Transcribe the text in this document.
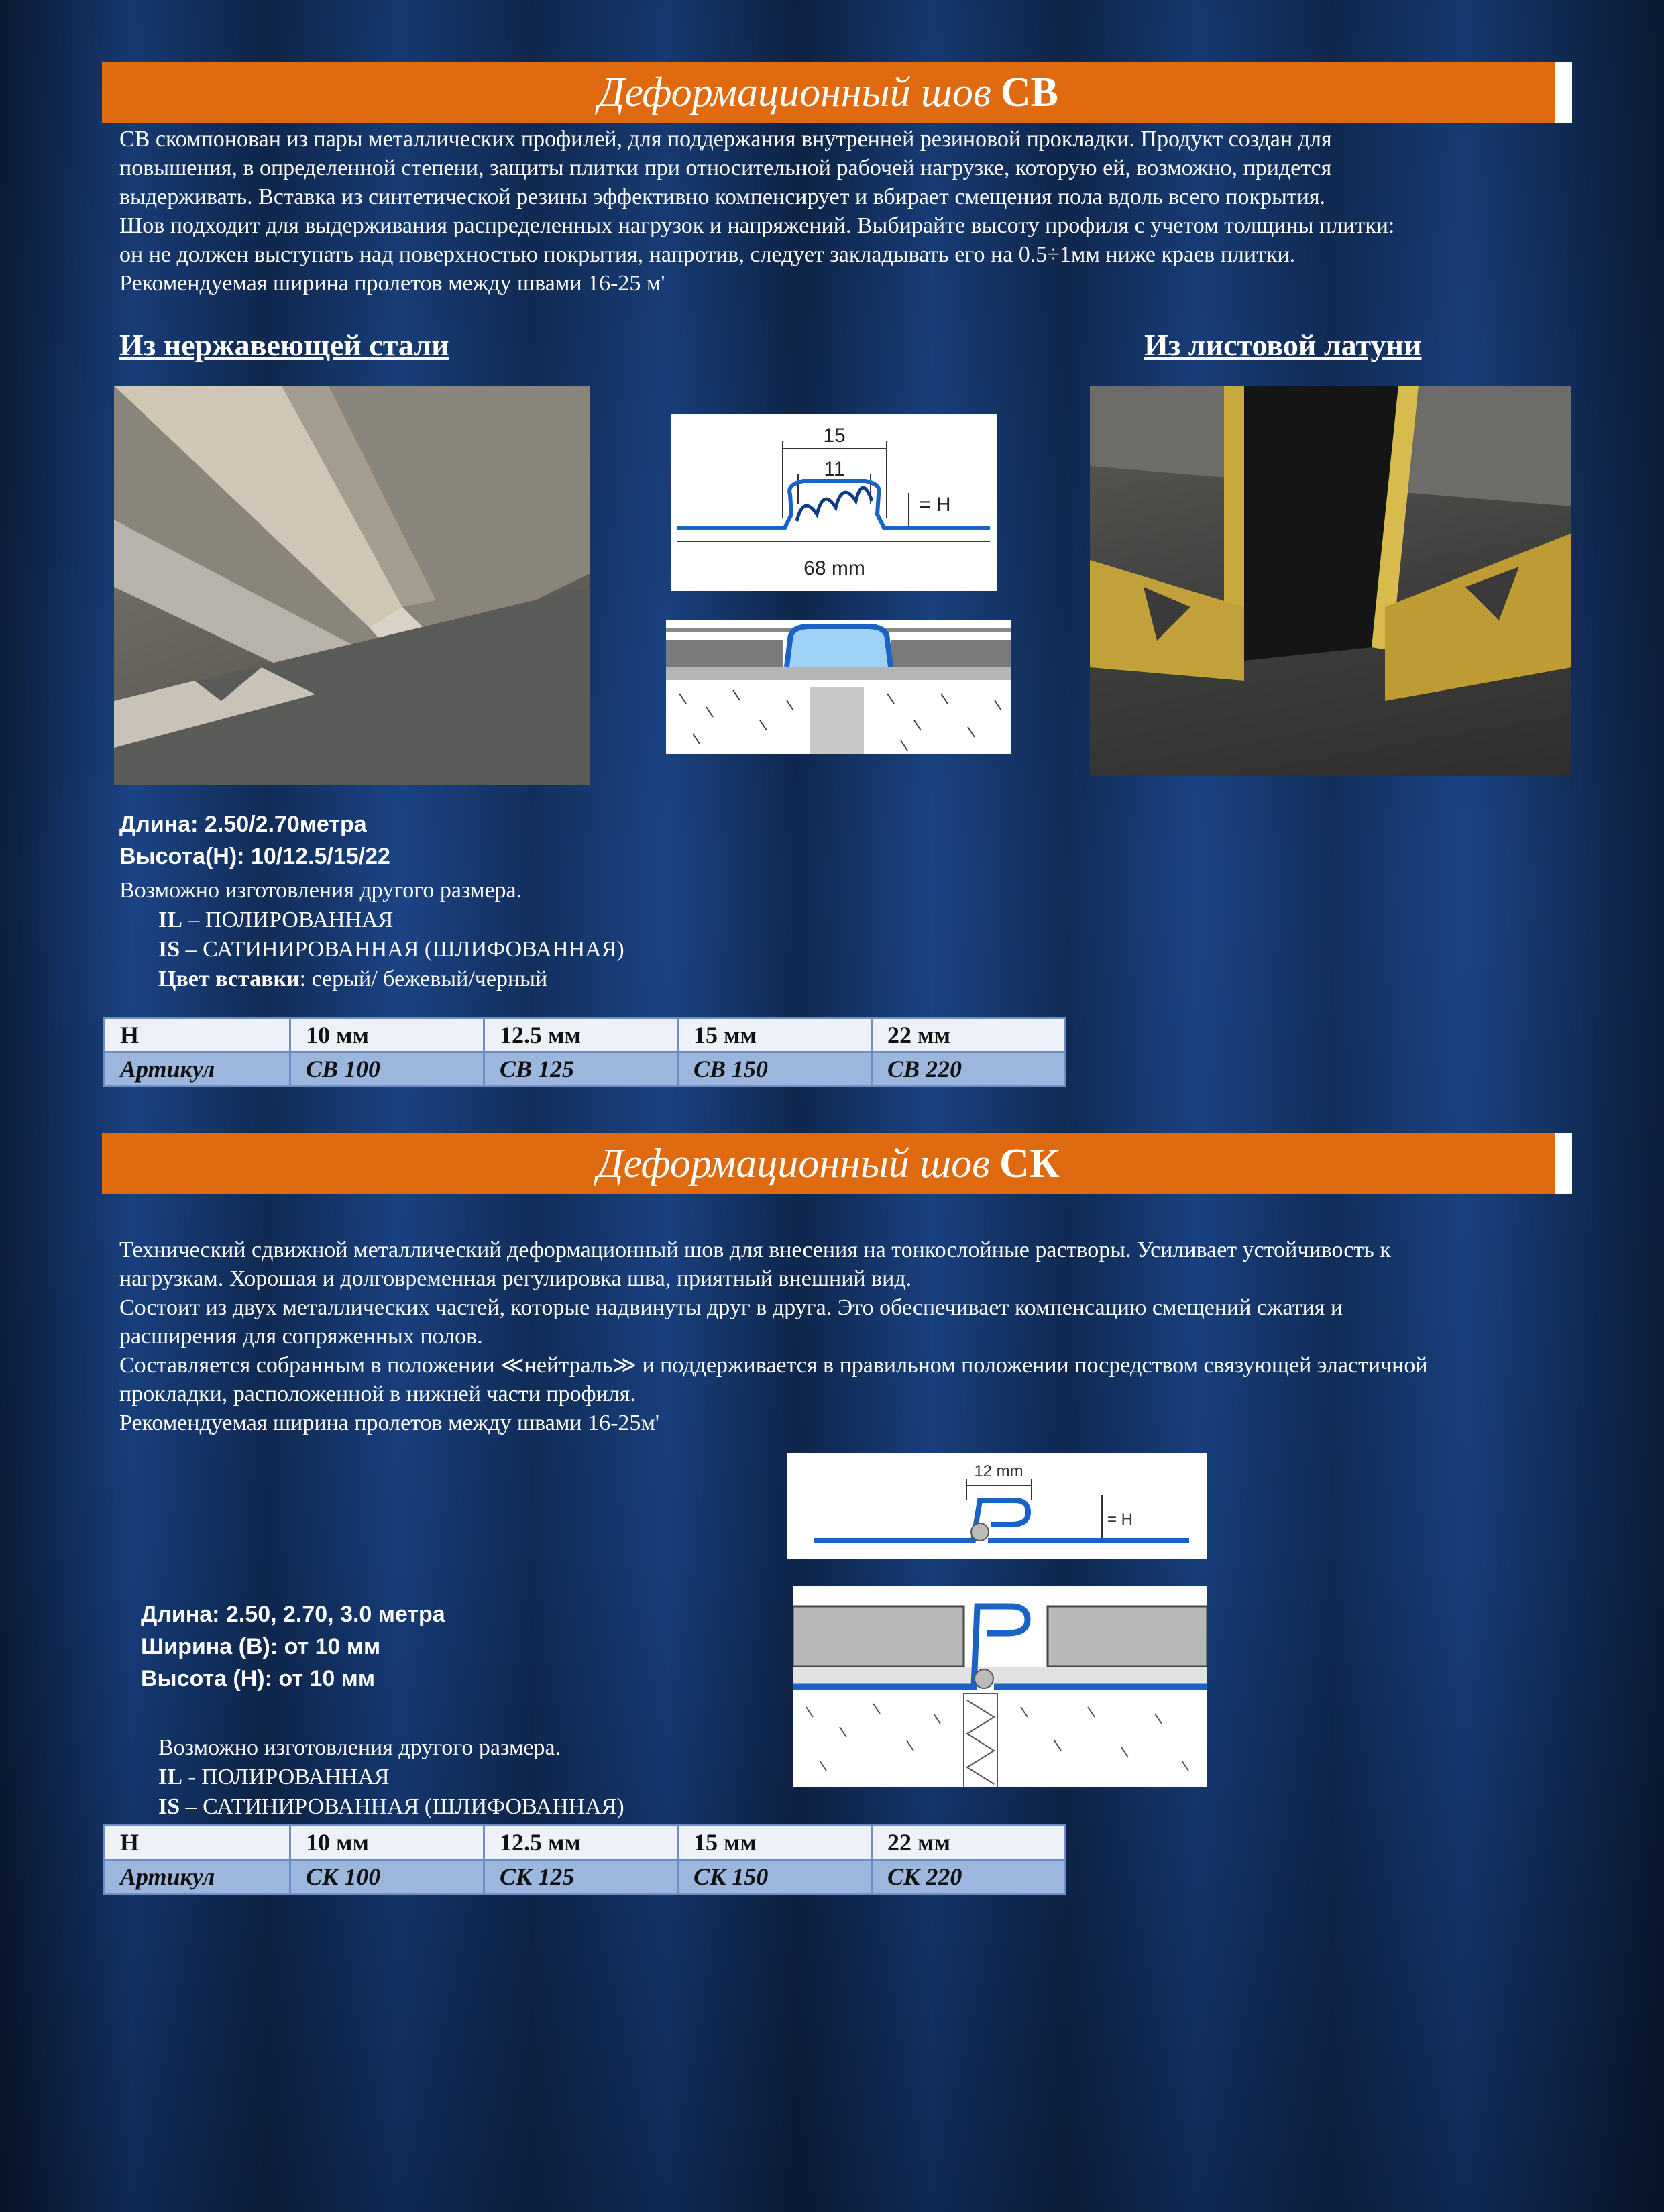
Деформационный шов СВ

СВ скомпонован из пары металлических профилей, для поддержания внутренней резиновой прокладки. Продукт создан для

повышения, в определенной степени, защиты плитки при относительной рабочей нагрузке, которую ей, возможно, придется

выдерживать. Вставка из синтетической резины эффективно компенсирует и вбирает смещения пола вдоль всего покрытия.

Шов подходит для выдерживания распределенных нагрузок и напряжений. Выбирайте высоту профиля с учетом толщины плитки:

он не должен выступать над поверхностью покрытия, напротив, следует закладывать его на 0.5÷1мм ниже краев плитки.

Рекомендуемая ширина пролетов между швами 16-25 м'

Из нержавеющей стали	Из листовой латуни
15
11
= H
68 mm
Длина: 2.50/2.70метра
Высота(Н): 10/12.5/15/22
Возможно изготовления другого размера.
IL – ПОЛИРОВАННАЯ
IS – САТИНИРОВАННАЯ (ШЛИФОВАННАЯ)
Цвет вставки: серый/ бежевый/черный
H	10 мм	12.5 мм	15 мм	22 мм
Артикул	СВ 100	СВ 125	СВ 150	СВ 220
Деформационный шов СК

Технический сдвижной металлический деформационный шов для внесения на тонкослойные растворы. Усиливает устойчивость к

нагрузкам. Хорошая и долговременная регулировка шва, приятный внешний вид.

Состоит из двух металлических частей, которые надвинуты друг в друга. Это обеспечивает компенсацию смещений сжатия и

расширения для сопряженных полов.

Составляется собранным в положении ≪нейтраль≫ и поддерживается в правильном положении посредством связующей эластичной

прокладки, расположенной в нижней части профиля.

Рекомендуемая ширина пролетов между швами 16-25м'

12 mm
= H
Длина: 2.50, 2.70, 3.0 метра
Ширина (В): от 10 мм
Высота (Н): от 10 мм
Возможно изготовления другого размера.
IL - ПОЛИРОВАННАЯ
IS – САТИНИРОВАННАЯ (ШЛИФОВАННАЯ)
H	10 мм	12.5 мм	15 мм	22 мм
Артикул	СК 100	СК 125	СК 150	СК 220
